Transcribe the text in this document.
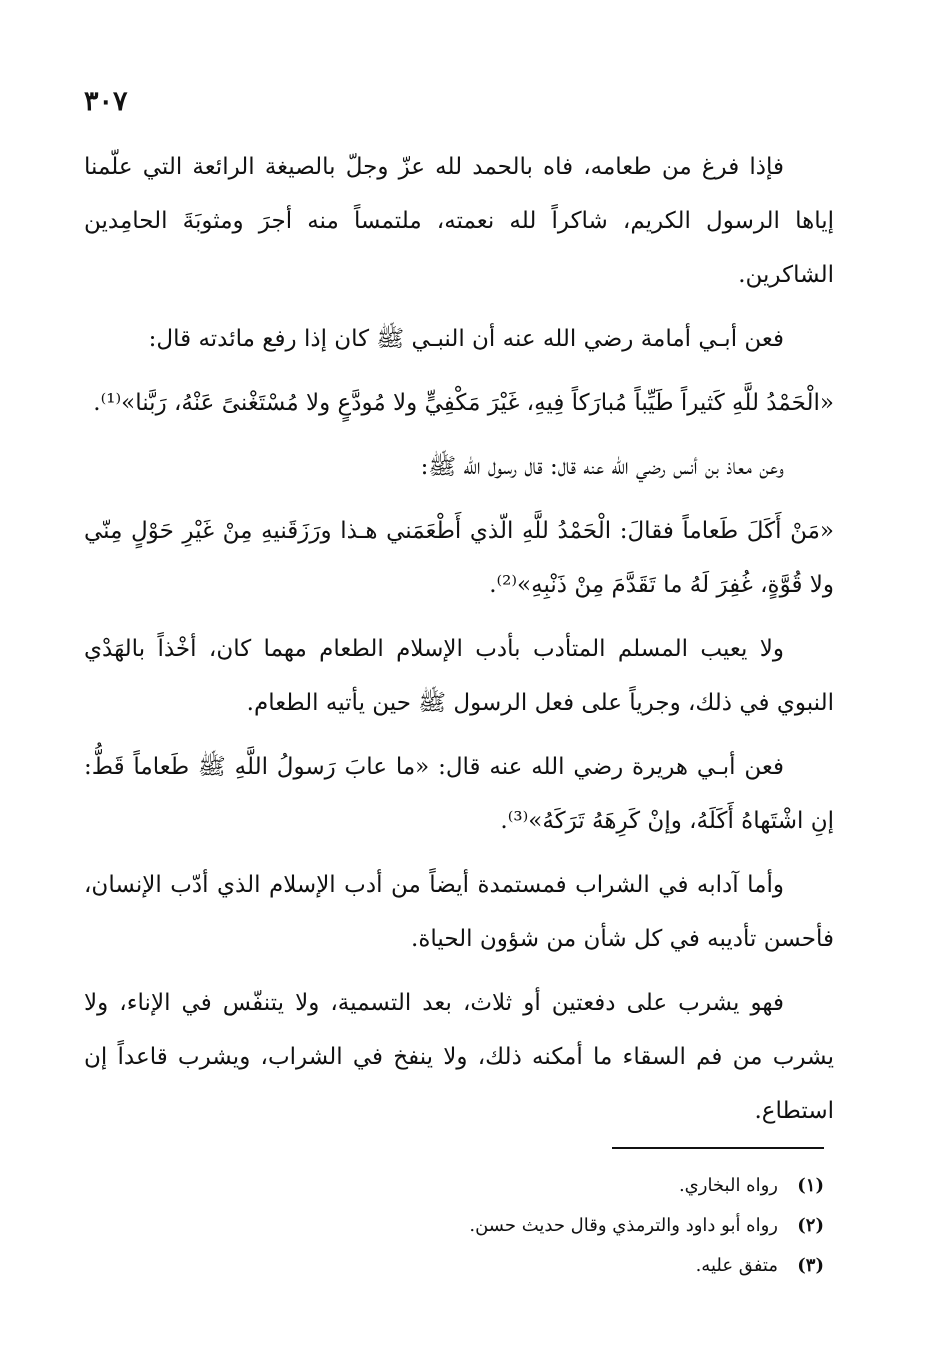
٣٠٧

فإذا فرغ من طعامه، فاه بالحمد لله عزّ وجلّ بالصيغة الرائعة التي علّمنا إياها الرسول الكريم، شاكراً لله نعمته، ملتمساً منه أجرَ ومثوبَةَ الحامِدين الشاكرين.

فعن أبـي أمامة رضي الله عنه أن النبـي ﷺ كان إذا رفع مائدته قال:

«الْحَمْدُ للَّهِ كَثيراً طَيِّباً مُبارَكاً فِيهِ، غَيْرَ مَكْفِيٍّ ولا مُودَّعٍ ولا مُسْتَغْنىً عَنْهُ، رَبَّنا»⁽¹⁾.

وعن معاذ بن أنس رضي الله عنه قال: قال رسول الله ﷺ:

«مَنْ أَكَلَ طَعاماً فقالَ: الْحَمْدُ للَّهِ الّذي أَطْعَمَني هـذا ورَزَقَنيهِ مِنْ غَيْرِ حَوْلٍ مِنّي ولا قُوَّةٍ، غُفِرَ لَهُ ما تَقَدَّمَ مِنْ ذَنْبِهِ»⁽²⁾.

ولا يعيب المسلم المتأدب بأدب الإسلام الطعام مهما كان، أخْذاً بالهَدْي النبوي في ذلك، وجرياً على فعل الرسول ﷺ حين يأتيه الطعام.

فعن أبـي هريرة رضي الله عنه قال: «ما عابَ رَسولُ اللَّهِ ﷺ طَعاماً قَطُّ: إنِ اشْتَهاهُ أَكَلَهُ، وإنْ كَرِهَهُ تَرَكَهُ»⁽³⁾.

وأما آدابه في الشراب فمستمدة أيضاً من أدب الإسلام الذي أدّب الإنسان، فأحسن تأديبه في كل شأن من شؤون الحياة.

فهو يشرب على دفعتين أو ثلاث، بعد التسمية، ولا يتنفّس في الإناء، ولا يشرب من فم السقاء ما أمكنه ذلك، ولا ينفخ في الشراب، ويشرب قاعداً إن استطاع.

(١)رواه البخاري.
(٢)رواه أبو داود والترمذي وقال حديث حسن.
(٣)متفق عليه.
